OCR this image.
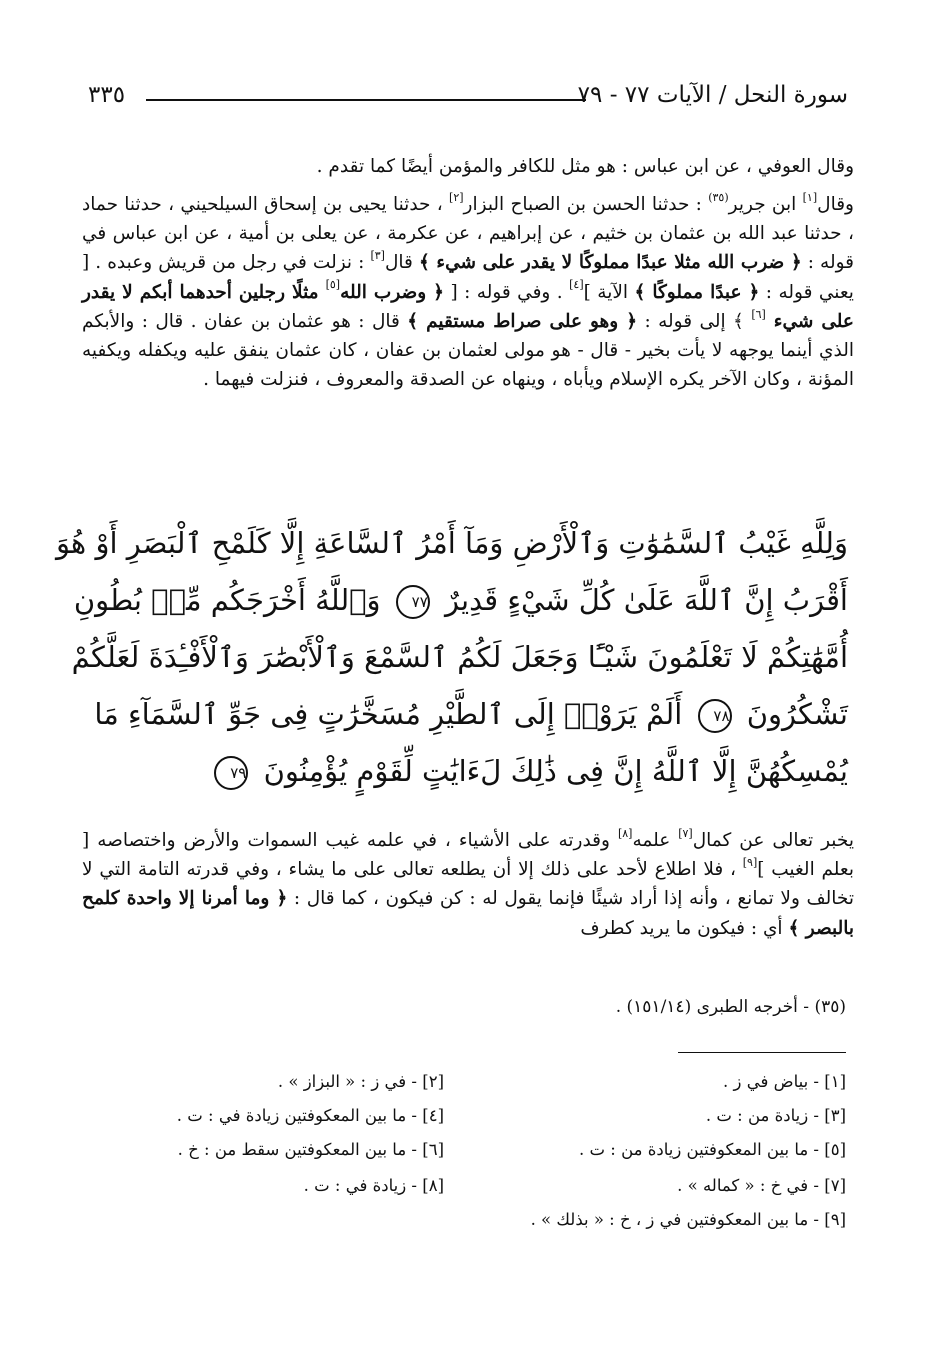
سورة النحل / الآيات ٧٧ - ٧٩
٣٣٥

وقال العوفي ، عن ابن عباس : هو مثل للكافر والمؤمن أيضًا كما تقدم .

وقال[١] ابن جرير$^{(٣٥)}$ : حدثنا الحسن بن الصباح البزار[٢] ، حدثنا يحيى بن إسحاق السيلحيني ، حدثنا حماد ، حدثنا عبد الله بن عثمان بن خثيم ، عن إبراهيم ، عن عكرمة ، عن يعلى بن أمية ، عن ابن عباس في قوله : ﴿ ضرب الله مثلا عبدًا مملوكًا لا يقدر على شيء ﴾ قال[٣] : نزلت في رجل من قريش وعبده . [ يعني قوله : ﴿ عبدًا مملوكًا ﴾ الآية ][٤] . وفي قوله : [ ﴿ وضرب الله[٥] مثلًا رجلين أحدهما أبكم لا يقدر على شيء [٦] ﴾ إلى قوله : ﴿ وهو على صراط مستقيم ﴾ قال : هو عثمان بن عفان . قال : والأبكم الذي أينما يوجهه لا يأت بخير - قال - هو مولى لعثمان بن عفان ، كان عثمان ينفق عليه ويكفله ويكفيه المؤنة ، وكان الآخر يكره الإسلام ويأباه ، وينهاه عن الصدقة والمعروف ، فنزلت فيهما .

وَلِلَّهِ غَيْبُ ٱلسَّمَٰوَٰتِ وَٱلْأَرْضِ وَمَآ أَمْرُ ٱلسَّاعَةِ إِلَّا كَلَمْحِ ٱلْبَصَرِ أَوْ هُوَ
أَقْرَبُ إِنَّ ٱللَّهَ عَلَىٰ كُلِّ شَيْءٍ قَدِيرٌ ٧٧ وَٱللَّهُ أَخْرَجَكُم مِّنۢ بُطُونِ
أُمَّهَٰتِكُمْ لَا تَعْلَمُونَ شَيْـًٔا وَجَعَلَ لَكُمُ ٱلسَّمْعَ وَٱلْأَبْصَٰرَ وَٱلْأَفْـِٔدَةَ لَعَلَّكُمْ
تَشْكُرُونَ ٧٨ أَلَمْ يَرَوْا۟ إِلَى ٱلطَّيْرِ مُسَخَّرَٰتٍ فِى جَوِّ ٱلسَّمَآءِ مَا
يُمْسِكُهُنَّ إِلَّا ٱللَّهُ إِنَّ فِى ذَٰلِكَ لَءَايَٰتٍ لِّقَوْمٍ يُؤْمِنُونَ ٧٩

يخبر تعالى عن كمال[٧] علمه[٨] وقدرته على الأشياء ، في علمه غيب السموات والأرض واختصاصه [ بعلم الغيب ][٩] ، فلا اطلاع لأحد على ذلك إلا أن يطلعه تعالى على ما يشاء ، وفي قدرته التامة التي لا تخالف ولا تمانع ، وأنه إذا أراد شيئًا فإنما يقول له : كن فيكون ، كما قال : ﴿ وما أمرنا إلا واحدة كلمح بالبصر ﴾ أي : فيكون ما يريد كطرف

(٣٥) - أخرجه الطبرى (١٥١/١٤) .
[١] - بياض في ز .
[٢] - في ز : « البزاز » .
[٣] - زيادة من : ت .
[٤] - ما بين المعكوفتين زيادة في : ت .
[٥] - ما بين المعكوفتين زيادة من : ت .
[٦] - ما بين المعكوفتين سقط من : خ .
[٧] - في خ : « كماله » .
[٨] - زيادة في : ت .
[٩] - ما بين المعكوفتين في ز ، خ : « بذلك » .
